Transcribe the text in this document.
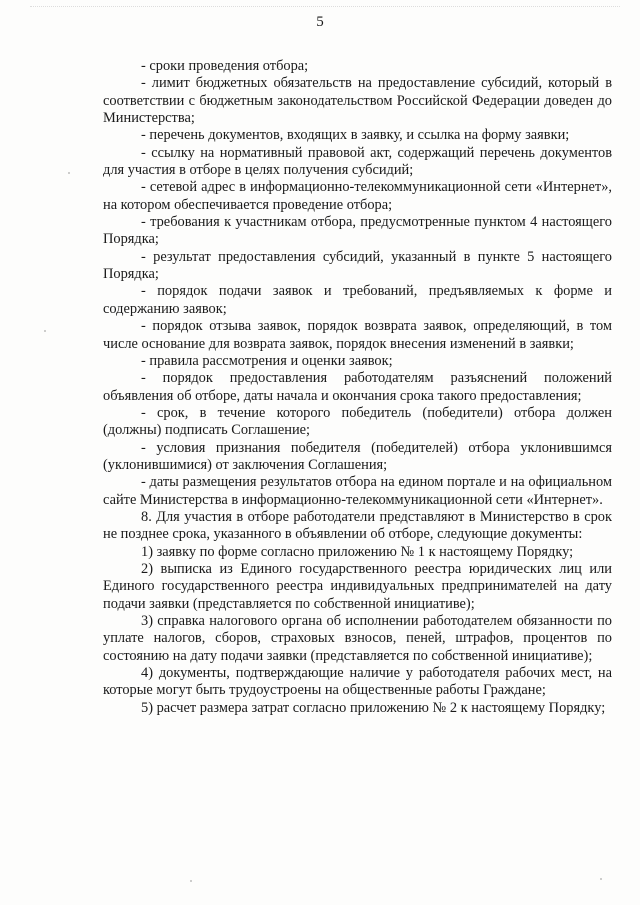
5

- сроки проведения отбора;

- лимит бюджетных обязательств на предоставление субсидий, который в соответствии с бюджетным законодательством Российской Федерации доведен до Министерства;

- перечень документов, входящих в заявку, и ссылка на форму заявки;

- ссылку на нормативный правовой акт, содержащий перечень документов для участия в отборе в целях получения субсидий;

- сетевой адрес в информационно-телекоммуникационной сети «Интернет», на котором обеспечивается проведение отбора;

- требования к участникам отбора, предусмотренные пунктом 4 настоящего Порядка;

- результат предоставления субсидий, указанный в пункте 5 настоящего Порядка;

- порядок подачи заявок и требований, предъявляемых к форме и содержанию заявок;

- порядок отзыва заявок, порядок возврата заявок, определяющий, в том числе основание для возврата заявок, порядок внесения изменений в заявки;

- правила рассмотрения и оценки заявок;

- порядок предоставления работодателям разъяснений положений объявления об отборе, даты начала и окончания срока такого предоставления;

- срок, в течение которого победитель (победители) отбора должен (должны) подписать Соглашение;

- условия признания победителя (победителей) отбора уклонившимся (уклонившимися) от заключения Соглашения;

- даты размещения результатов отбора на едином портале и на официальном сайте Министерства в информационно-телекоммуникационной сети «Интернет».

8. Для участия в отборе работодатели представляют в Министерство в срок не позднее срока, указанного в объявлении об отборе, следующие документы:

1) заявку по форме согласно приложению № 1 к настоящему Порядку;

2) выписка из Единого государственного реестра юридических лиц или Единого государственного реестра индивидуальных предпринимателей на дату подачи заявки (представляется по собственной инициативе);

3) справка налогового органа об исполнении работодателем обязанности по уплате налогов, сборов, страховых взносов, пеней, штрафов, процентов по состоянию на дату подачи заявки (представляется по собственной инициативе);

4) документы, подтверждающие наличие у работодателя рабочих мест, на которые могут быть трудоустроены на общественные работы Граждане;

5) расчет размера затрат согласно приложению № 2 к настоящему Порядку;
